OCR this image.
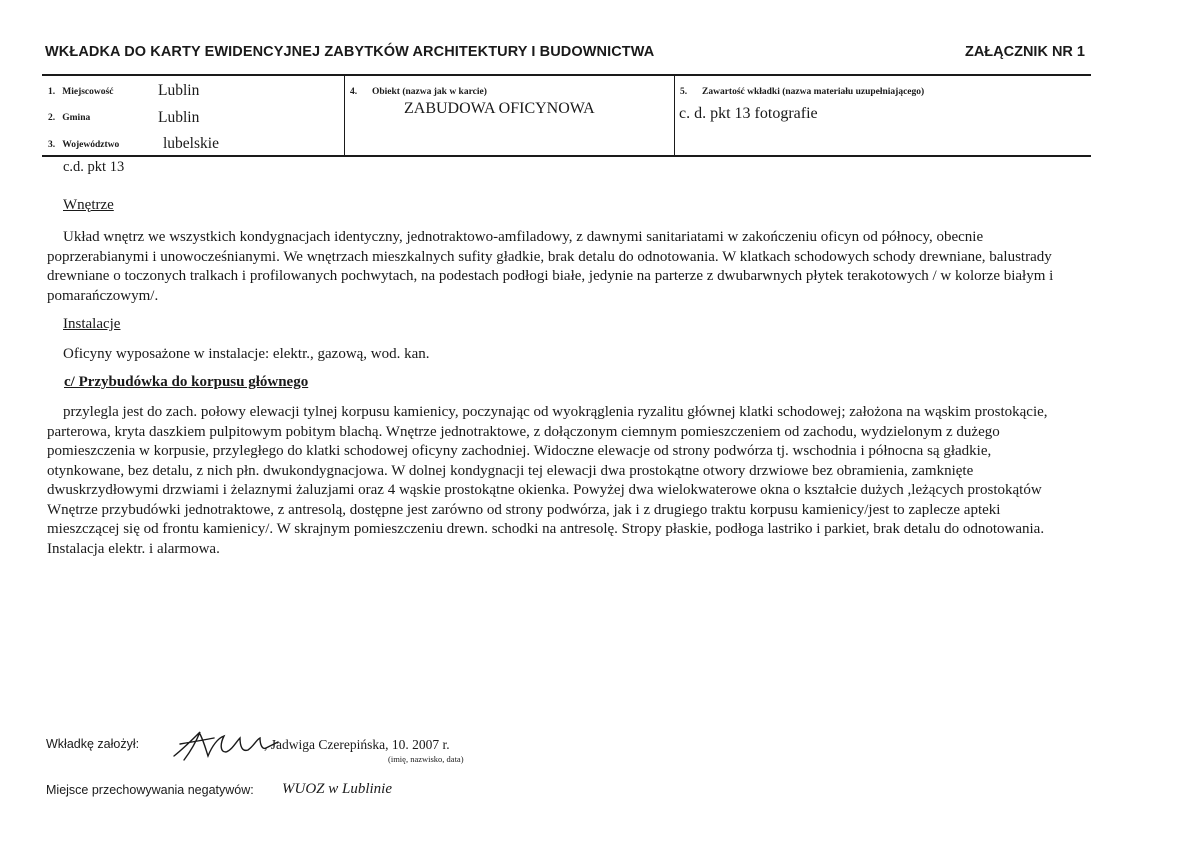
WKŁADKA DO KARTY EWIDENCYJNEJ ZABYTKÓW ARCHITEKTURY I BUDOWNICTWA	ZAŁĄCZNIK NR 1
1. Miejscowość	Lublin
2. Gmina	Lublin
3. Województwo	lubelskie
4. Obiekt (nazwa jak w karcie)
ZABUDOWA OFICYNOWA
5. Zawartość wkładki (nazwa materiału uzupełniającego)
c. d. pkt 13 fotografie
c.d. pkt 13
Wnętrze

Układ wnętrz we wszystkich kondygnacjach identyczny, jednotraktowo-amfiladowy, z dawnymi sanitariatami w zakończeniu oficyn od północy, obecnie poprzerabianymi i unowocześnianymi. We wnętrzach mieszkalnych sufity gładkie, brak detalu do odnotowania. W klatkach schodowych schody drewniane, balustrady drewniane o toczonych tralkach i profilowanych pochwytach, na podestach podłogi białe, jedynie na parterze z dwubarwnych płytek terakotowych / w kolorze białym i pomarańczowym/.

Instalacje

Oficyny wyposażone w instalacje: elektr., gazową, wod. kan.

c/ Przybudówka do korpusu głównego

przylegla jest do zach. połowy elewacji tylnej korpusu kamienicy, poczynając od wyokrąglenia ryzalitu głównej klatki schodowej; założona na wąskim prostokącie, parterowa, kryta daszkiem pulpitowym pobitym blachą. Wnętrze jednotraktowe, z dołączonym ciemnym pomieszczeniem od zachodu, wydzielonym z dużego pomieszczenia w korpusie, przyległego do klatki schodowej oficyny zachodniej. Widoczne elewacje od strony podwórza tj. wschodnia i północna są gładkie, otynkowane, bez detalu, z nich płn. dwukondygnacjowa. W dolnej kondygnacji tej elewacji dwa prostokątne otwory drzwiowe bez obramienia, zamknięte dwuskrzydłowymi drzwiami i żelaznymi żaluzjami oraz 4 wąskie prostokątne okienka. Powyżej dwa wielokwaterowe okna o kształcie dużych ,leżących prostokątów Wnętrze przybudówki jednotraktowe, z antresolą, dostępne jest zarówno od strony podwórza, jak i z drugiego traktu korpusu kamienicy/jest to zaplecze apteki mieszczącej się od frontu kamienicy/. W skrajnym pomieszczeniu drewn. schodki na antresolę. Stropy płaskie, podłoga lastriko i parkiet, brak detalu do odnotowania. Instalacja elektr. i alarmowa.

Wkładkę założył:	, Jadwiga Czerepińska, 10. 2007 r.
(imię, nazwisko, data)
Miejsce przechowywania negatywów: WUOZ w Lublinie
